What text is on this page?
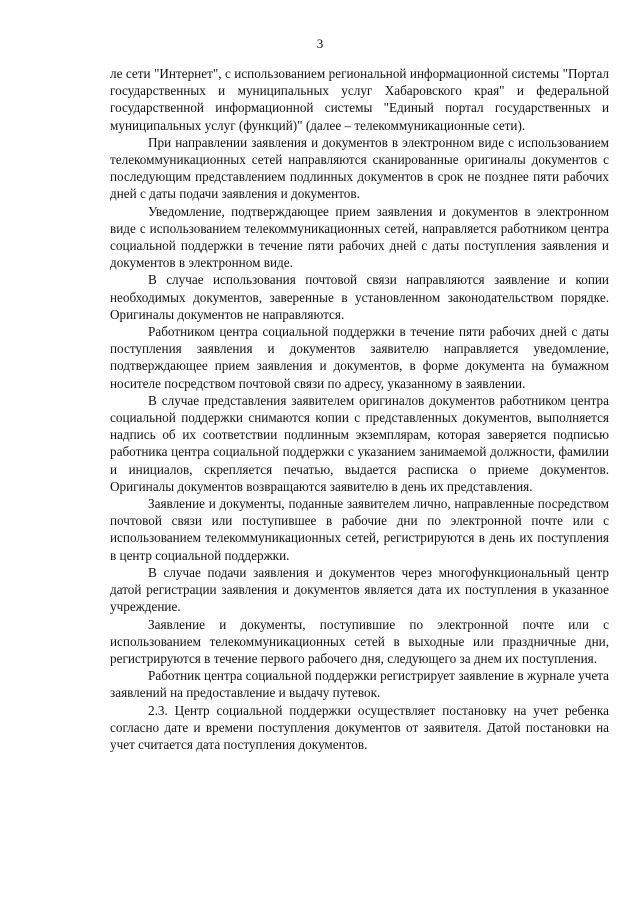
3

ле сети "Интернет", с использованием региональной информационной системы "Портал государственных и муниципальных услуг Хабаровского края" и федеральной государственной информационной системы "Единый портал государственных и муниципальных услуг (функций)" (далее – телекоммуникационные сети).

При направлении заявления и документов в электронном виде с использованием телекоммуникационных сетей направляются сканированные оригиналы документов с последующим представлением подлинных документов в срок не позднее пяти рабочих дней с даты подачи заявления и документов.

Уведомление, подтверждающее прием заявления и документов в электронном виде с использованием телекоммуникационных сетей, направляется работником центра социальной поддержки в течение пяти рабочих дней с даты поступления заявления и документов в электронном виде.

В случае использования почтовой связи направляются заявление и копии необходимых документов, заверенные в установленном законодательством порядке. Оригиналы документов не направляются.

Работником центра социальной поддержки в течение пяти рабочих дней с даты поступления заявления и документов заявителю направляется уведомление, подтверждающее прием заявления и документов, в форме документа на бумажном носителе посредством почтовой связи по адресу, указанному в заявлении.

В случае представления заявителем оригиналов документов работником центра социальной поддержки снимаются копии с представленных документов, выполняется надпись об их соответствии подлинным экземплярам, которая заверяется подписью работника центра социальной поддержки с указанием занимаемой должности, фамилии и инициалов, скрепляется печатью, выдается расписка о приеме документов. Оригиналы документов возвращаются заявителю в день их представления.

Заявление и документы, поданные заявителем лично, направленные посредством почтовой связи или поступившее в рабочие дни по электронной почте или с использованием телекоммуникационных сетей, регистрируются в день их поступления в центр социальной поддержки.

В случае подачи заявления и документов через многофункциональный центр датой регистрации заявления и документов является дата их поступления в указанное учреждение.

Заявление и документы, поступившие по электронной почте или с использованием телекоммуникационных сетей в выходные или праздничные дни, регистрируются в течение первого рабочего дня, следующего за днем их поступления.

Работник центра социальной поддержки регистрирует заявление в журнале учета заявлений на предоставление и выдачу путевок.

2.3. Центр социальной поддержки осуществляет постановку на учет ребенка согласно дате и времени поступления документов от заявителя. Датой постановки на учет считается дата поступления документов.
